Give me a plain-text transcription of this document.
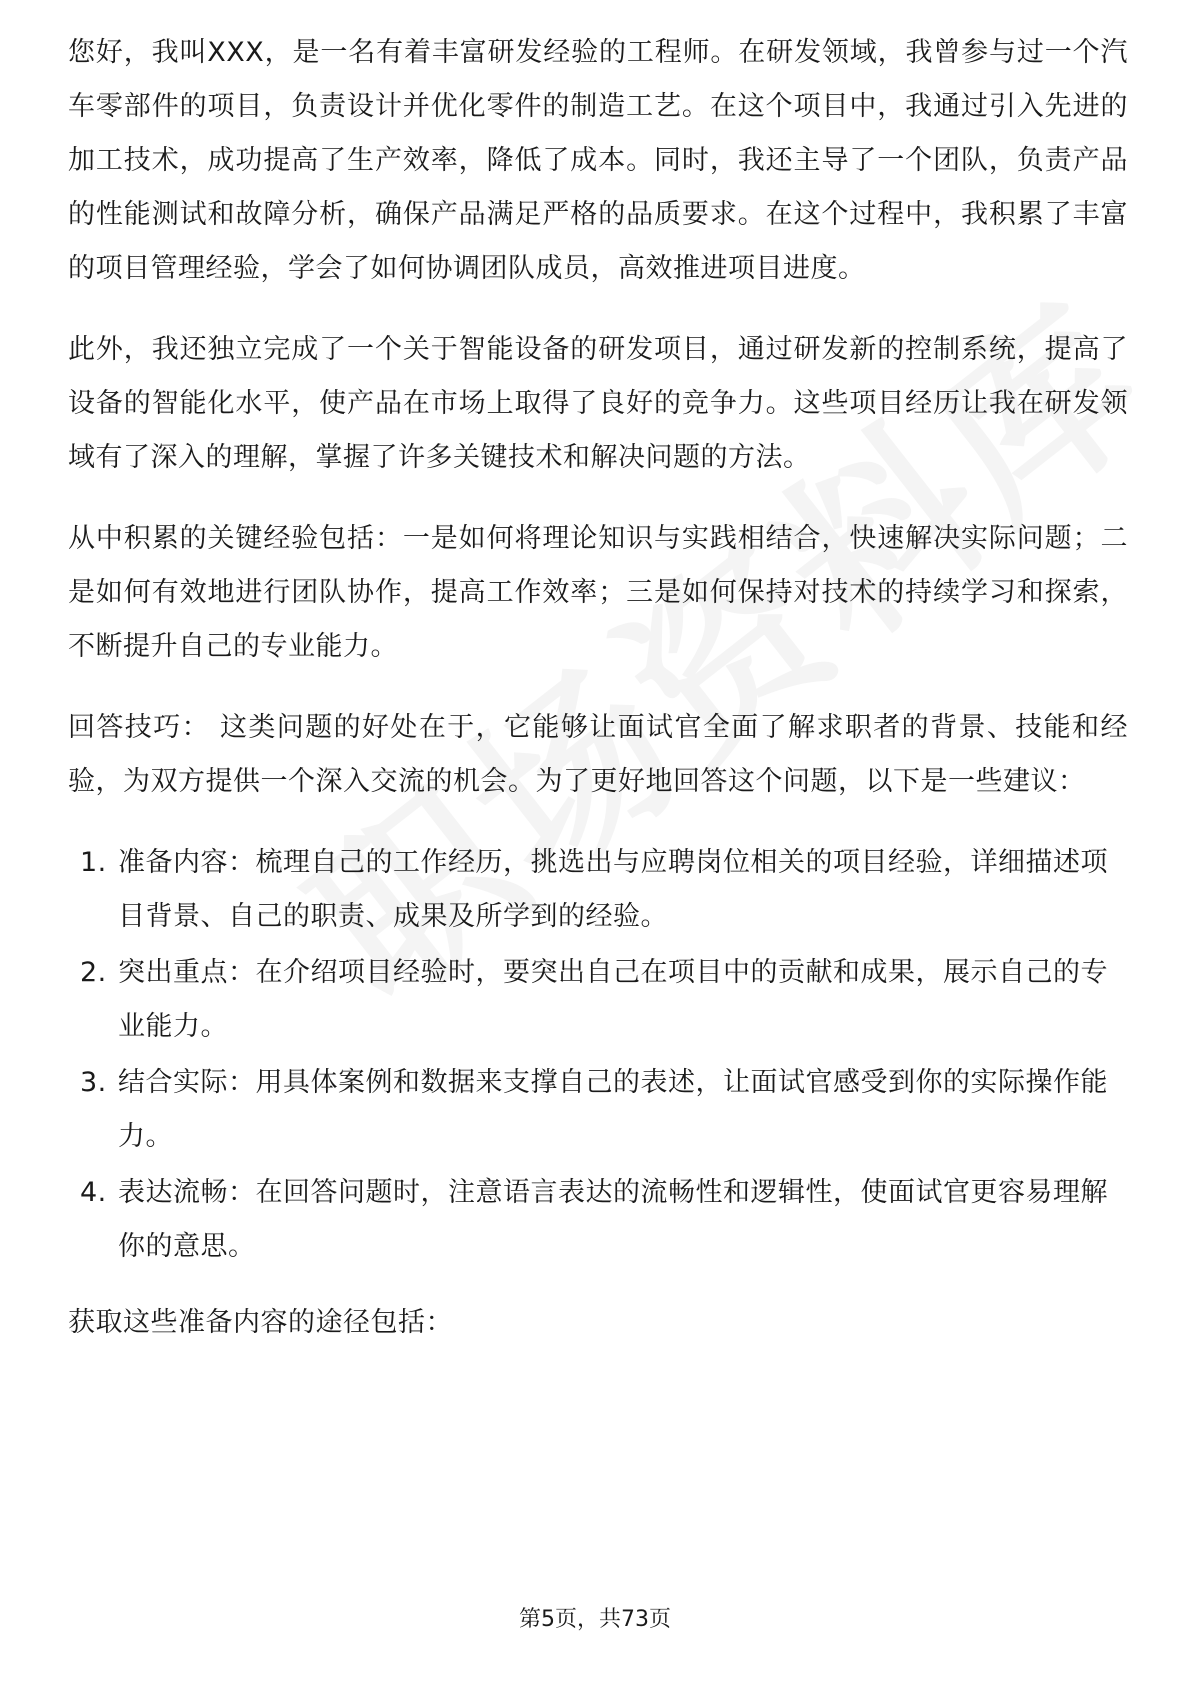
您好，我叫XXX，是一名有着丰富研发经验的工程师。在研发领域，我曾参与过一个汽车零部件的项目，负责设计并优化零件的制造工艺。在这个项目中，我通过引入先进的加工技术，成功提高了生产效率，降低了成本。同时，我还主导了一个团队，负责产品的性能测试和故障分析，确保产品满足严格的品质要求。在这个过程中，我积累了丰富的项目管理经验，学会了如何协调团队成员，高效推进项目进度。

此外，我还独立完成了一个关于智能设备的研发项目，通过研发新的控制系统，提高了设备的智能化水平，使产品在市场上取得了良好的竞争力。这些项目经历让我在研发领域有了深入的理解，掌握了许多关键技术和解决问题的方法。

从中积累的关键经验包括：一是如何将理论知识与实践相结合，快速解决实际问题；二是如何有效地进行团队协作，提高工作效率；三是如何保持对技术的持续学习和探索，不断提升自己的专业能力。

回答技巧： 这类问题的好处在于，它能够让面试官全面了解求职者的背景、技能和经验，为双方提供一个深入交流的机会。为了更好地回答这个问题，以下是一些建议：

1. 准备内容：梳理自己的工作经历，挑选出与应聘岗位相关的项目经验，详细描述项目背景、自己的职责、成果及所学到的经验。
2. 突出重点：在介绍项目经验时，要突出自己在项目中的贡献和成果，展示自己的专业能力。
3. 结合实际：用具体案例和数据来支撑自己的表述，让面试官感受到你的实际操作能力。
4. 表达流畅：在回答问题时，注意语言表达的流畅性和逻辑性，使面试官更容易理解你的意思。

获取这些准备内容的途径包括：

第5页，共73页
